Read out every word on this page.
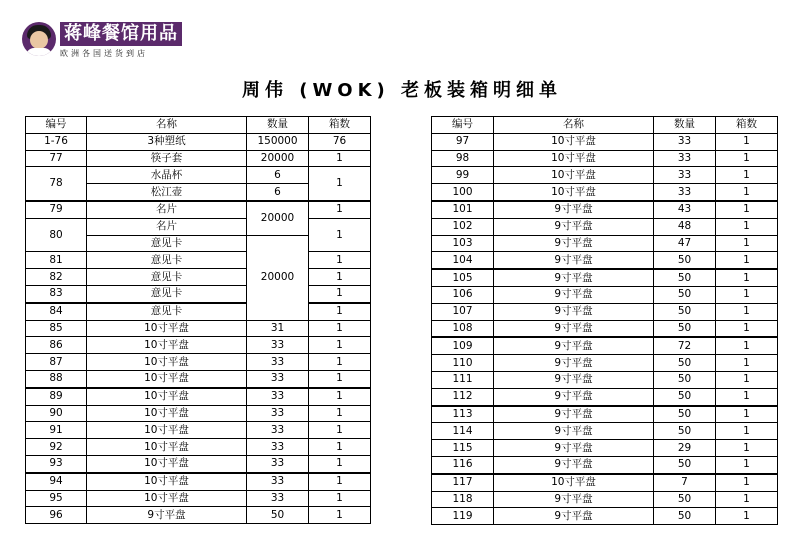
蒋峰餐馆用品
欧洲各国送货到店
周伟 (WOK) 老板装箱明细单
编号	名称	数量	箱数
1-76	3种塑纸	150000	76
77	筷子套	20000	1
78	水晶杯	6	1
	松江壶	6	
79	名片	20000	1
80	名片		1
	意见卡	20000	
81	意见卡		1
82	意见卡		1
83	意见卡		1
84	意见卡		1
85	10寸平盘	31	1
86	10寸平盘	33	1
87	10寸平盘	33	1
88	10寸平盘	33	1
89	10寸平盘	33	1
90	10寸平盘	33	1
91	10寸平盘	33	1
92	10寸平盘	33	1
93	10寸平盘	33	1
94	10寸平盘	33	1
95	10寸平盘	33	1
96	9寸平盘	50	1
编号	名称	数量	箱数
97	10寸平盘	33	1
98	10寸平盘	33	1
99	10寸平盘	33	1
100	10寸平盘	33	1
101	9寸平盘	43	1
102	9寸平盘	48	1
103	9寸平盘	47	1
104	9寸平盘	50	1
105	9寸平盘	50	1
106	9寸平盘	50	1
107	9寸平盘	50	1
108	9寸平盘	50	1
109	9寸平盘	72	1
110	9寸平盘	50	1
111	9寸平盘	50	1
112	9寸平盘	50	1
113	9寸平盘	50	1
114	9寸平盘	50	1
115	9寸平盘	29	1
116	9寸平盘	50	1
117	10寸平盘	7	1
118	9寸平盘	50	1
119	9寸平盘	50	1
